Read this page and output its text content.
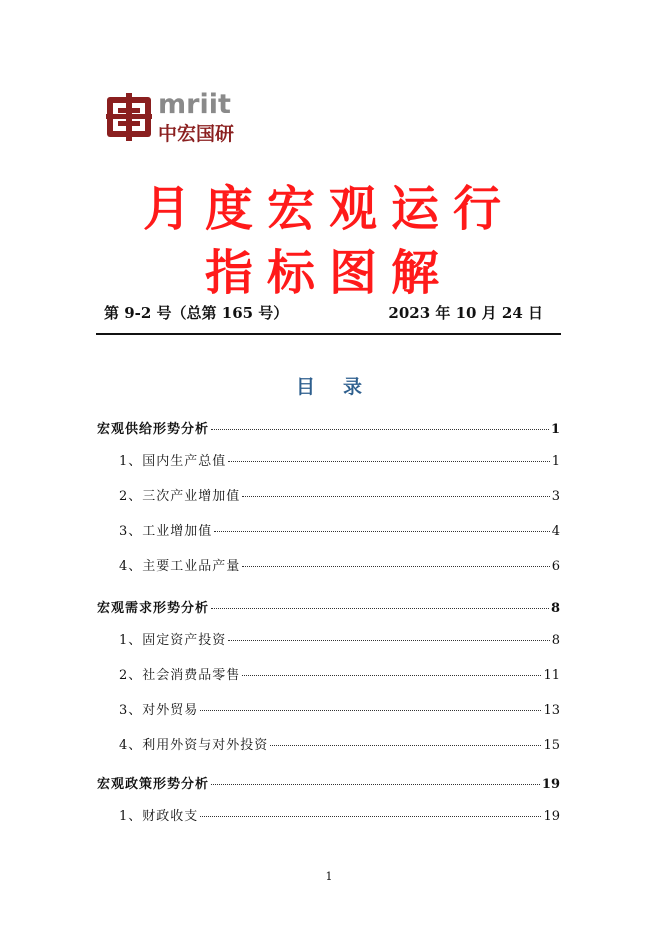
mriit
中宏国研
月度宏观运行
指标图解
第 9-2 号（总第 165 号）	2023 年 10 月 24 日
目录
宏观供给形势分析	1
1、国内生产总值	1
2、三次产业增加值	3
3、工业增加值	4
4、主要工业品产量	6
宏观需求形势分析	8
1、固定资产投资	8
2、社会消费品零售	11
3、对外贸易	13
4、利用外资与对外投资	15
宏观政策形势分析	19
1、财政收支	19
1
